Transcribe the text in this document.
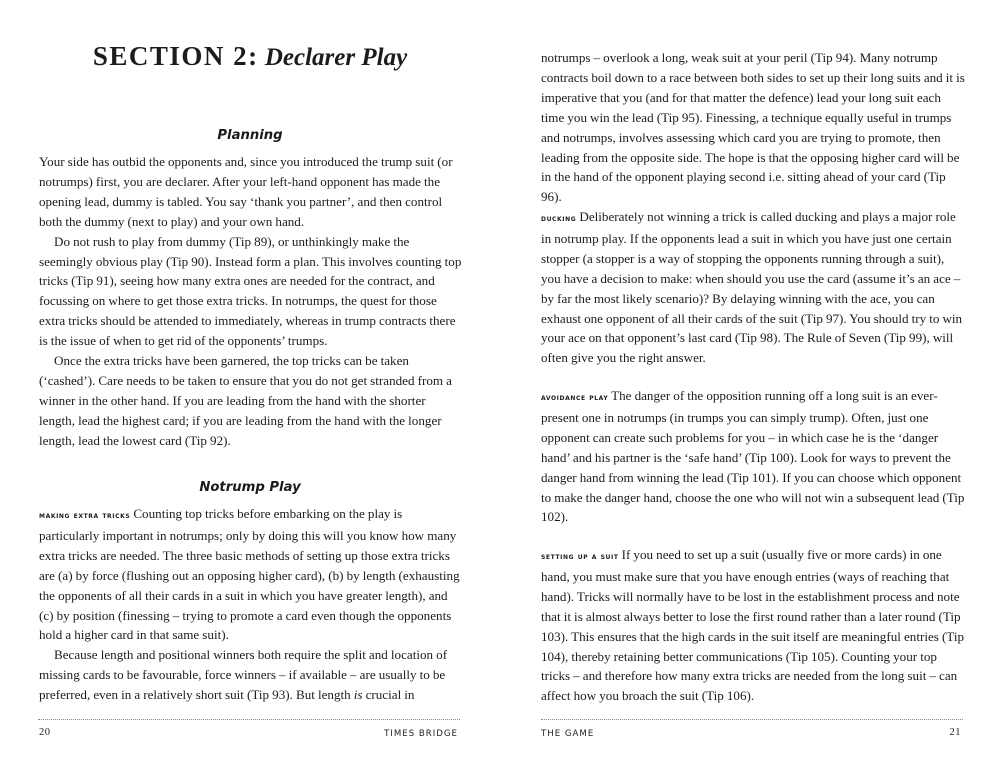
SECTION 2: Declarer Play
Planning

Your side has outbid the opponents and, since you introduced the trump suit (or notrumps) first, you are declarer. After your left-hand opponent has made the opening lead, dummy is tabled. You say ‘thank you partner’, and then control both the dummy (next to play) and your own hand.

Do not rush to play from dummy (Tip 89), or unthinkingly make the seemingly obvious play (Tip 90). Instead form a plan. This involves counting top tricks (Tip 91), seeing how many extra ones are needed for the contract, and focussing on where to get those extra tricks. In notrumps, the quest for those extra tricks should be attended to immediately, whereas in trump contracts there is the issue of when to get rid of the opponents’ trumps.

Once the extra tricks have been garnered, the top tricks can be taken (‘cashed’). Care needs to be taken to ensure that you do not get stranded from a winner in the other hand. If you are leading from the hand with the shorter length, lead the highest card; if you are leading from the hand with the longer length, lead the lowest card (Tip 92).

Notrump Play

making extra tricks Counting top tricks before embarking on the play is particularly important in notrumps; only by doing this will you know how many extra tricks are needed. The three basic methods of setting up those extra tricks are (a) by force (flushing out an opposing higher card), (b) by length (exhausting the opponents of all their cards in a suit in which you have greater length), and (c) by position (finessing – trying to promote a card even though the opponents hold a higher card in that same suit).

Because length and positional winners both require the split and location of missing cards to be favourable, force winners – if available – are usually to be preferred, even in a relatively short suit (Tip 93). But length is crucial in

20	TIMES BRIDGE

notrumps – overlook a long, weak suit at your peril (Tip 94). Many notrump contracts boil down to a race between both sides to set up their long suits and it is imperative that you (and for that matter the defence) lead your long suit each time you win the lead (Tip 95). Finessing, a technique equally useful in trumps and notrumps, involves assessing which card you are trying to promote, then leading from the opposite side. The hope is that the opposing higher card will be in the hand of the opponent playing second i.e. sitting ahead of your card (Tip 96).

ducking Deliberately not winning a trick is called ducking and plays a major role in notrump play. If the opponents lead a suit in which you have just one certain stopper (a stopper is a way of stopping the opponents running through a suit), you have a decision to make: when should you use the card (assume it’s an ace – by far the most likely scenario)? By delaying winning with the ace, you can exhaust one opponent of all their cards of the suit (Tip 97). You should try to win your ace on that opponent’s last card (Tip 98). The Rule of Seven (Tip 99), will often give you the right answer.

avoidance play The danger of the opposition running off a long suit is an ever-present one in notrumps (in trumps you can simply trump). Often, just one opponent can create such problems for you – in which case he is the ‘danger hand’ and his partner is the ‘safe hand’ (Tip 100). Look for ways to prevent the danger hand from winning the lead (Tip 101). If you can choose which opponent to make the danger hand, choose the one who will not win a subsequent lead (Tip 102).

setting up a suit If you need to set up a suit (usually five or more cards) in one hand, you must make sure that you have enough entries (ways of reaching that hand). Tricks will normally have to be lost in the establishment process and note that it is almost always better to lose the first round rather than a later round (Tip 103). This ensures that the high cards in the suit itself are meaningful entries (Tip 104), thereby retaining better communications (Tip 105). Counting your top tricks – and therefore how many extra tricks are needed from the long suit – can affect how you broach the suit (Tip 106).

THE GAME	21
